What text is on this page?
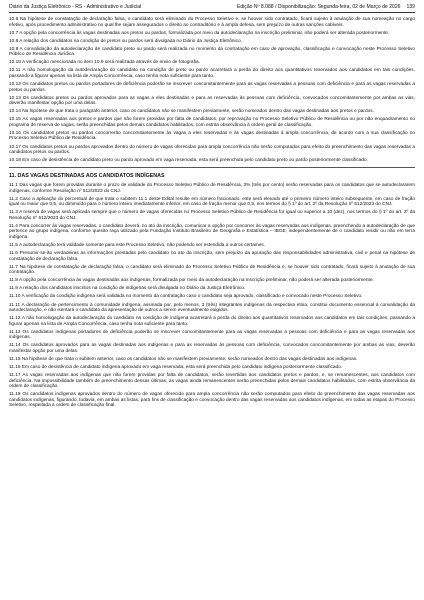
Diário da Justiça Eletrônico - RS - Administrativo e Judicial	Edição Nº 8.088 / Disponibilização: Segunda-feira, 02 de Março de 2026 139

10.6 Na hipótese de constatação de declaração falsa, o candidato será eliminado do Processo Seletivo e, se houver sido contratado, ficará sujeito à anulação de sua nomeação no cargo efetivo, após procedimento administrativo no qual lhe sejam assegurados o direito ao contraditório e à ampla defesa, sem prejuízo de outras sanções cabíveis.

10.7 A opção pela concorrência às vagas destinadas aos pretos ou pardos, formalizada por meio da autodeclaração na inscrição preliminar, não poderá ser alterada posteriormente.

10.8 A relação dos candidatos na condição de pretos ou pardos será divulgada no Diário da Justiça Eletrônico.

10.9 A convalidação da autodeclaração de candidato preto ou pardo será realizada no momento da contratação em caso de aprovação, classificação e convocação neste Processo Seletivo Público de Residência Jurídica.

10.10 A verificação mencionada no item 10.9 será realizada através de envio de fotografia.

10.11 A não homologação da autodeclaração do candidato na condição de preto ou pardo acarretará a perda do direito aos quantitativos reservados aos candidatos em tais condições, passando a figurar apenas na lista de Ampla Concorrência, caso tenha nota suficiente para tanto.

10.12 Os candidatos pretos ou pardos portadores de deficiência poderão se inscrever concomitantemente para as vagas reservadas a pessoas com deficiência e para as vagas reservadas a pretos ou pardos.

10.13 Os candidatos pretos ou pardos aprovados para as vagas a eles destinadas e para as reservadas às pessoas com deficiência, convocados concomitantemente por ambas as vias, deverão manifestar opção por uma delas.

10.14 Na hipótese de que trata o parágrafo anterior, caso os candidatos não se manifestem previamente, serão nomeados dentro das vagas destinadas aos pretos e pardos.

10.15 As vagas reservadas aos pretos e pardos que não forem providas por falta de candidatos, por reprovação no Processo Seletivo Público de Residência ou por não enquadramento no programa de reserva de vagas, serão preenchidas pelos demais candidatos habilitados, com estrita observância à ordem geral de classificação.

10.16 Os candidatos pretos ou pardos concorrerão concomitantemente às vagas a eles reservadas e às vagas destinadas à ampla concorrência, de acordo com a sua classificação no Processo Seletivo Público de Residência.

10.17 Os candidatos pretos ou pardos aprovados dentro do número de vagas oferecidas para ampla concorrência não serão computados para efeito do preenchimento das vagas reservadas a candidatos pretos ou pardos.

10.18 Em caso de desistência de candidato preto ou pardo aprovado em vaga reservada, esta será preenchida pelo candidato preto ou pardo posteriormente classificado.

11. DAS VAGAS DESTINADAS AOS CANDIDATOS INDÍGENAS

11.1 Das vagas que forem providas durante o prazo de validade do Processo Seletivo Público de Residência, 3% (três por cento) serão reservadas para os candidatos que se autodeclararem indígenas, conforme Resolução nº 512/2023 do CNJ.

11.2 Caso a aplicação do percentual de que trata o subitem 11.1 deste Edital resulte em número fracionado, este será elevado até o primeiro número inteiro subsequente, em caso de fração igual ou maior que 0,5, ou diminuído para o número inteiro imediatamente inferior, em caso de fração menor que 0,5, nos termos do § 1º do art. 2º da Resolução nº 512/2023 do CNJ.

11.3 A reserva de vagas será aplicada sempre que o número de vagas oferecidas no Processo Seletivo Público de Residência for igual ou superior a 10 (dez), nos termos do § 1º do art. 2º da Resolução nº 512/2023 do CNJ.

11.4 Para concorrer às vagas reservadas, o candidato deverá, no ato da inscrição, comunicar a opção por concorrer às vagas reservadas aos indígenas, preenchendo a autodeclaração de que pertence ao grupo indígena, conforme quesito raça utilizado pela Fundação Instituto Brasileiro de Geografia e Estatística – IBGE, independentemente de o candidato residir ou não em terra indígena.

11.5 A autodeclaração terá validade somente para este Processo Seletivo, não podendo ser estendida a outros certames.

11.6 Presumir-se-ão verdadeiras as informações prestadas pelo candidato no ato da inscrição, sem prejuízo da apuração das responsabilidades administrativa, civil e penal na hipótese de constatação de declaração falsa.

11.7 Na hipótese de constatação de declaração falsa, o candidato será eliminado do Processo Seletivo Público de Residência e, se houver sido contratado, ficará sujeito à anulação de sua contratação.

11.8 A opção pela concorrência às vagas destinadas aos indígenas, formalizada por meio da autodeclaração na inscrição preliminar, não poderá ser alterada posteriormente.

11.9 A relação dos candidatos inscritos na condição de indígenas será divulgada no Diário da Justiça Eletrônico.

11.10 A verificação da condição indígena será validada no momento da contratação caso o candidato seja aprovado, classificado e convocado neste Processo Seletivo.

11.11 A declaração de pertencimento à comunidade indígena, assinada por, pelo menos, 3 (três) integrantes indígenas da respectiva etnia, constitui documento essencial à convalidação da autodeclaração, e não isentará o candidato da apresentação de outros a serem eventualmente exigidos.

11.12 A não homologação da autodeclaração do candidato na condição de indígena acarretará a perda do direito aos quantitativos reservados aos candidatos em tais condições, passando a figurar apenas na lista de Ampla Concorrência, caso tenha nota suficiente para tanto.

11.13 Os candidatos indígenas portadores de deficiência poderão se inscrever concomitantemente para as vagas reservadas a pessoas com deficiência e para as vagas reservadas aos indígenas.

11.14 Os candidatos aprovados para as vagas destinadas aos indígenas e para as reservadas às pessoas com deficiência, convocados concomitantemente por ambas as vias, deverão manifestar opção por uma delas.

11.15 Na hipótese de que trata o subitem anterior, caso os candidatos não se manifestem previamente, serão nomeados dentro das vagas destinadas aos indígenas.

11.16 Em caso de desistência de candidato indígena aprovado em vaga reservada, esta será preenchida pelo candidato indígena posteriormente classificado.

11.17 As vagas reservadas aos indígenas que não forem providas por falta de candidatos, serão revertidas aos candidatos pretos e pardos, e, se remanescentes, aos candidatos com deficiência. Na impossibilidade também de preenchimento dessas últimas, as vagas ainda remanescentes serão preenchidas pelos demais candidatos habilitados, com estrita observância da ordem de classificação.

11.18 Os candidatos indígenas aprovados dentro do número de vagas oferecido para ampla concorrência não serão computados para efeito do preenchimento das vagas reservadas aos candidatos indígenas, figurando, todavia, em ambas as listas, para fins de classificação e convocação dentro das vagas reservadas aos candidatos indígenas, em todas as etapas do Processo Seletivo, respeitada a ordem de classificação final.
